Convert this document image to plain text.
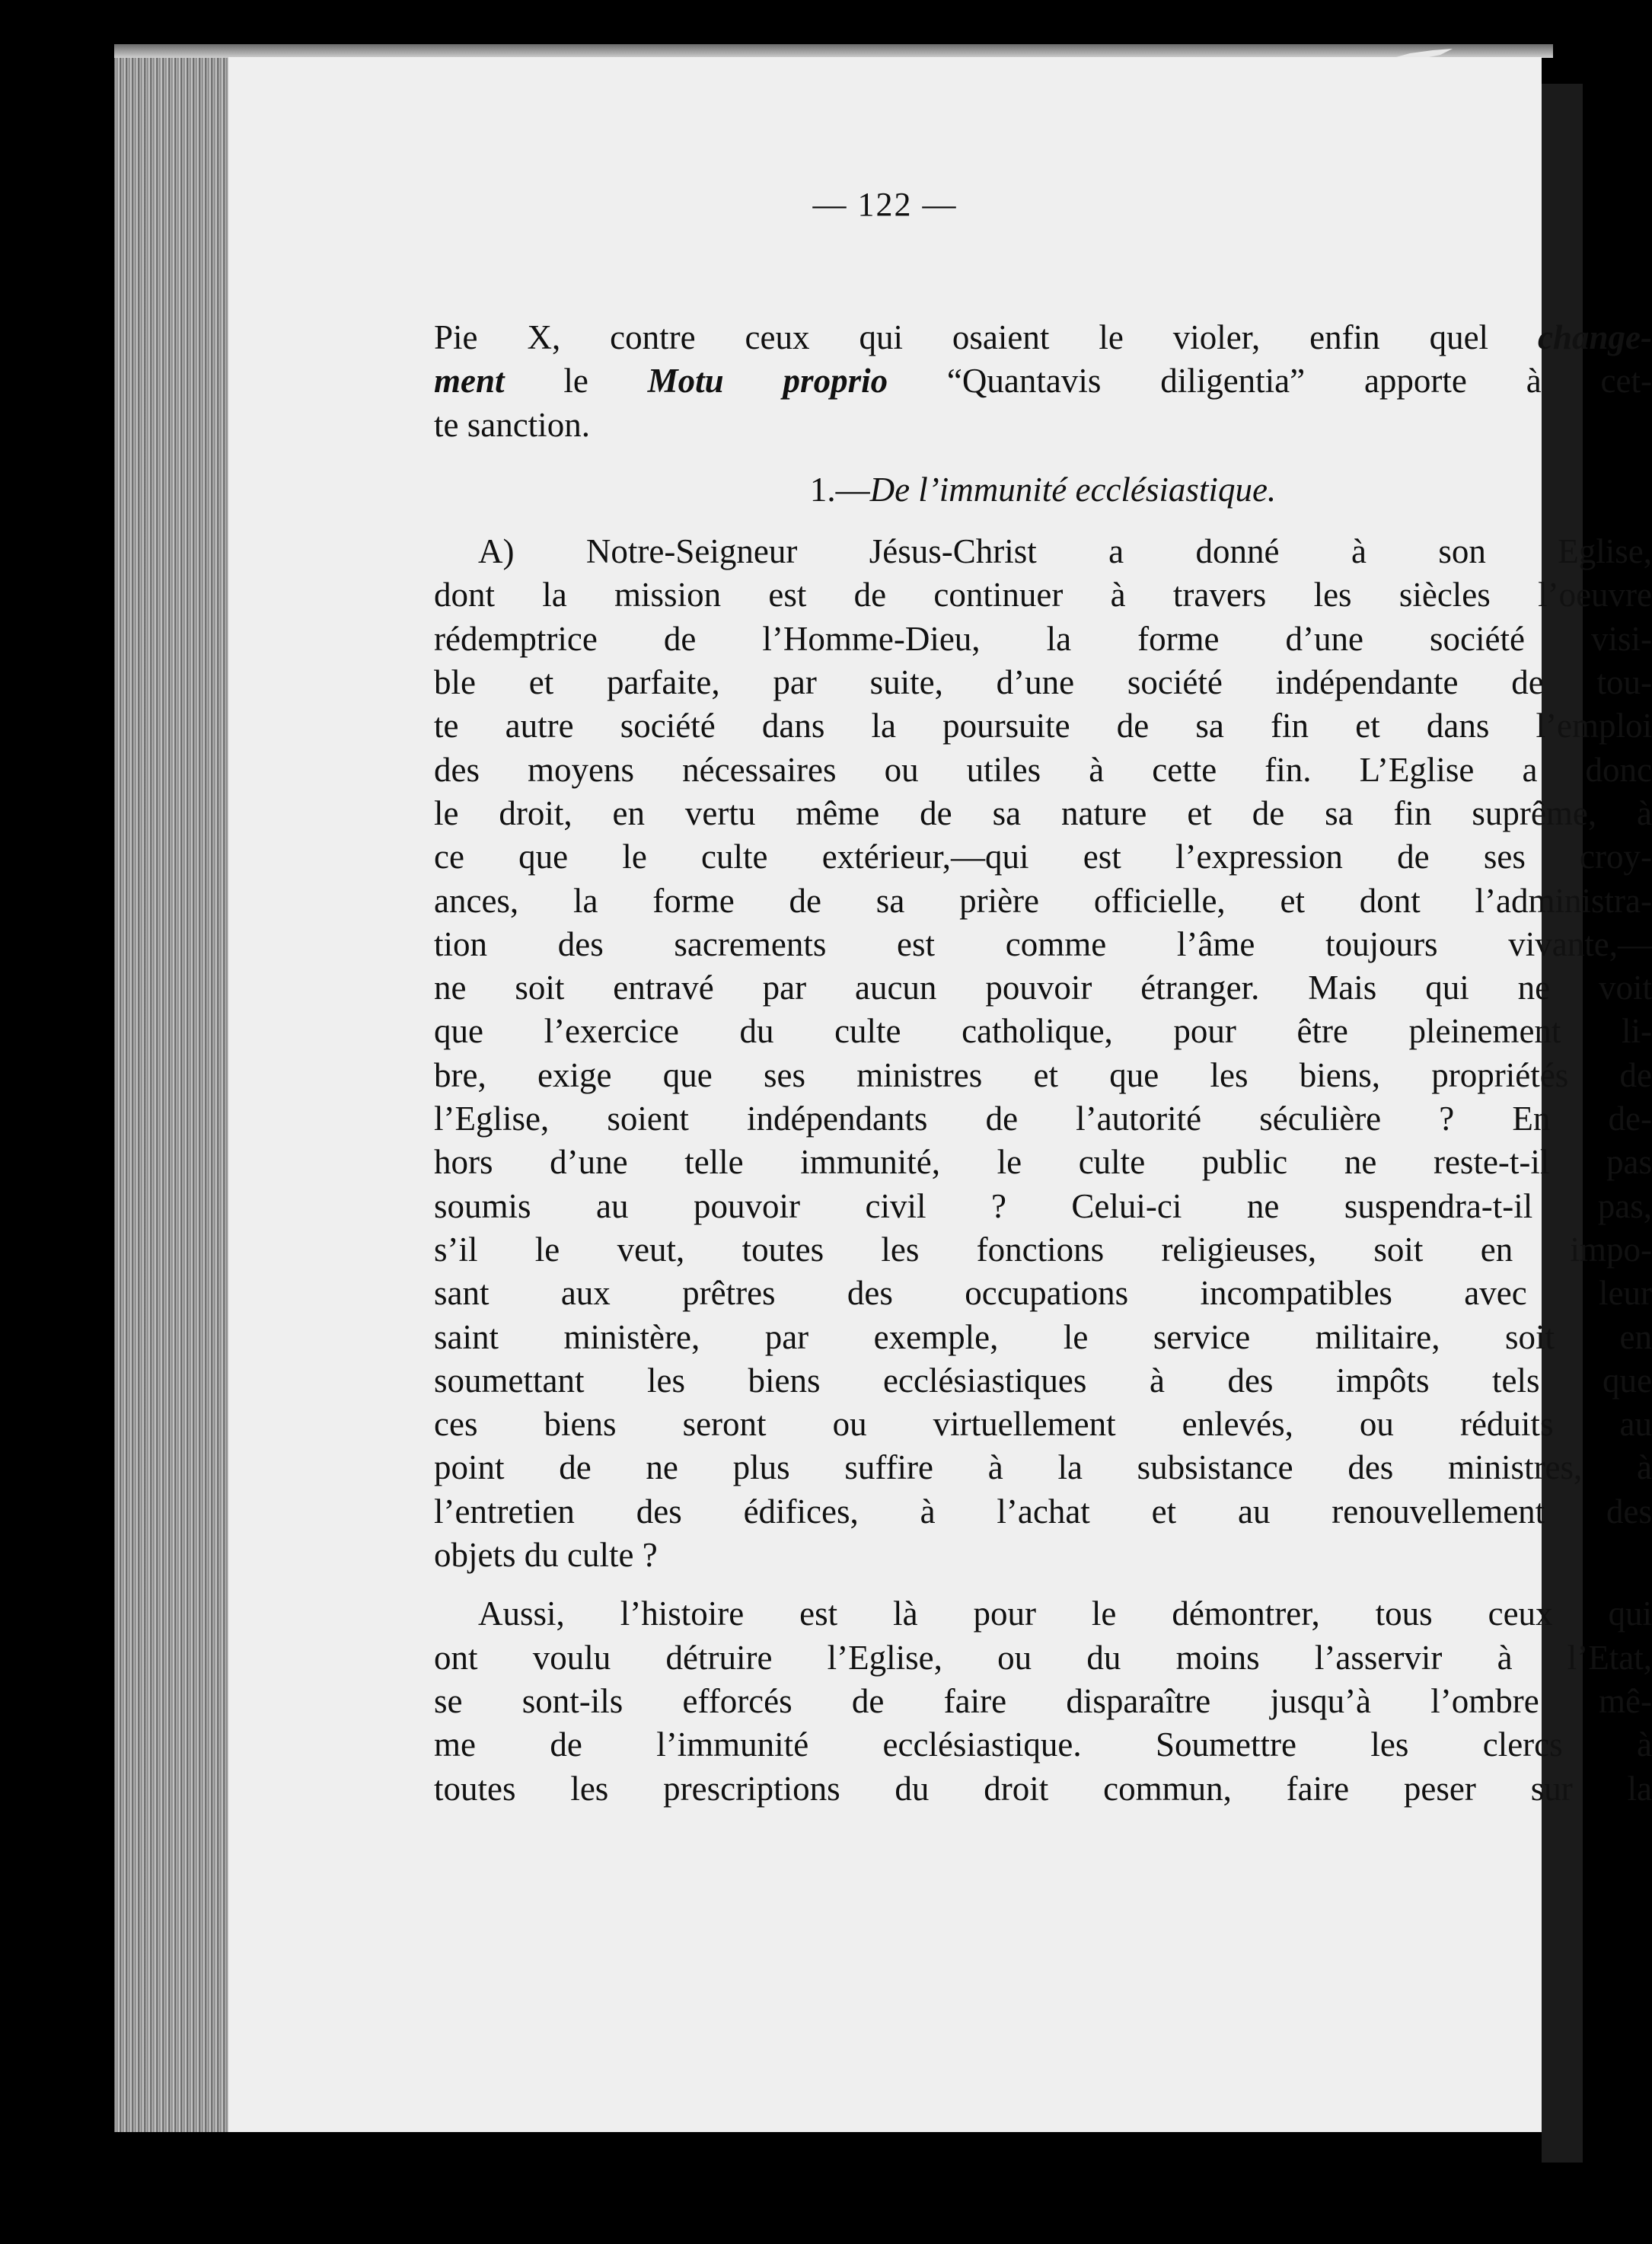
— 122 —
Pie X, contre ceux qui osaient le violer, enfin quel change-
ment le Motu proprio “Quantavis diligentia” apporte à cet-
te sanction.
1.—De l’immunité ecclésiastique.
A) Notre-Seigneur Jésus-Christ a donné à son Eglise,
dont la mission est de continuer à travers les siècles l’oeuvre
rédemptrice de l’Homme-Dieu, la forme d’une société visi-
ble et parfaite, par suite, d’une société indépendante de tou-
te autre société dans la poursuite de sa fin et dans l’emploi
des moyens nécessaires ou utiles à cette fin. L’Eglise a donc
le droit, en vertu même de sa nature et de sa fin suprême, à
ce que le culte extérieur,—qui est l’expression de ses croy-
ances, la forme de sa prière officielle, et dont l’administra-
tion des sacrements est comme l’âme toujours vivante,—
ne soit entravé par aucun pouvoir étranger. Mais qui ne voit
que l’exercice du culte catholique, pour être pleinement li-
bre, exige que ses ministres et que les biens, propriétés de
l’Eglise, soient indépendants de l’autorité séculière ? En de-
hors d’une telle immunité, le culte public ne reste-t-il pas
soumis au pouvoir civil ? Celui-ci ne suspendra-t-il pas,
s’il le veut, toutes les fonctions religieuses, soit en impo-
sant aux prêtres des occupations incompatibles avec leur
saint ministère, par exemple, le service militaire, soit en
soumettant les biens ecclésiastiques à des impôts tels que
ces biens seront ou virtuellement enlevés, ou réduits au
point de ne plus suffire à la subsistance des ministres, à
l’entretien des édifices, à l’achat et au renouvellement des
objets du culte ?
Aussi, l’histoire est là pour le démontrer, tous ceux qui
ont voulu détruire l’Eglise, ou du moins l’asservir à l’Etat,
se sont-ils efforcés de faire disparaître jusqu’à l’ombre mê-
me de l’immunité ecclésiastique. Soumettre les clercs à
toutes les prescriptions du droit commun, faire peser sur la
